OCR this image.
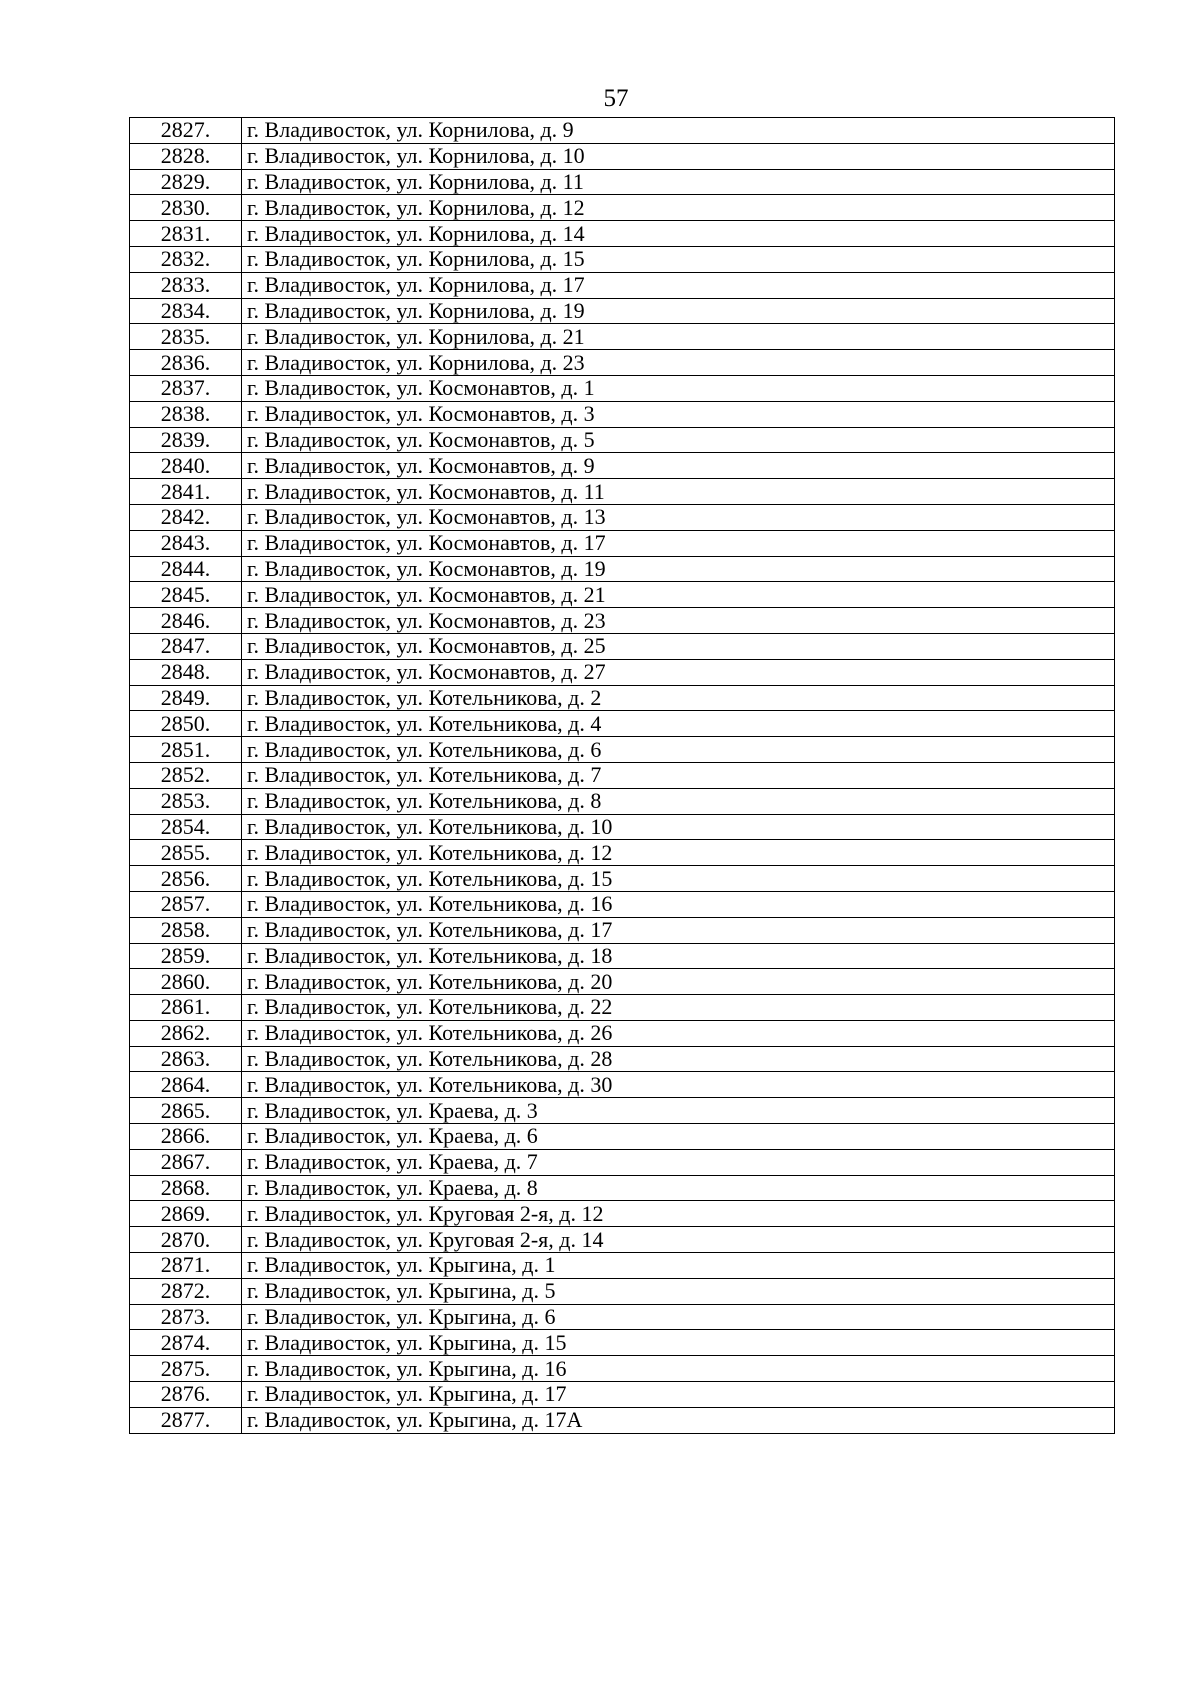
57
2827.	г. Владивосток, ул. Корнилова, д. 9
2828.	г. Владивосток, ул. Корнилова, д. 10
2829.	г. Владивосток, ул. Корнилова, д. 11
2830.	г. Владивосток, ул. Корнилова, д. 12
2831.	г. Владивосток, ул. Корнилова, д. 14
2832.	г. Владивосток, ул. Корнилова, д. 15
2833.	г. Владивосток, ул. Корнилова, д. 17
2834.	г. Владивосток, ул. Корнилова, д. 19
2835.	г. Владивосток, ул. Корнилова, д. 21
2836.	г. Владивосток, ул. Корнилова, д. 23
2837.	г. Владивосток, ул. Космонавтов, д. 1
2838.	г. Владивосток, ул. Космонавтов, д. 3
2839.	г. Владивосток, ул. Космонавтов, д. 5
2840.	г. Владивосток, ул. Космонавтов, д. 9
2841.	г. Владивосток, ул. Космонавтов, д. 11
2842.	г. Владивосток, ул. Космонавтов, д. 13
2843.	г. Владивосток, ул. Космонавтов, д. 17
2844.	г. Владивосток, ул. Космонавтов, д. 19
2845.	г. Владивосток, ул. Космонавтов, д. 21
2846.	г. Владивосток, ул. Космонавтов, д. 23
2847.	г. Владивосток, ул. Космонавтов, д. 25
2848.	г. Владивосток, ул. Космонавтов, д. 27
2849.	г. Владивосток, ул. Котельникова, д. 2
2850.	г. Владивосток, ул. Котельникова, д. 4
2851.	г. Владивосток, ул. Котельникова, д. 6
2852.	г. Владивосток, ул. Котельникова, д. 7
2853.	г. Владивосток, ул. Котельникова, д. 8
2854.	г. Владивосток, ул. Котельникова, д. 10
2855.	г. Владивосток, ул. Котельникова, д. 12
2856.	г. Владивосток, ул. Котельникова, д. 15
2857.	г. Владивосток, ул. Котельникова, д. 16
2858.	г. Владивосток, ул. Котельникова, д. 17
2859.	г. Владивосток, ул. Котельникова, д. 18
2860.	г. Владивосток, ул. Котельникова, д. 20
2861.	г. Владивосток, ул. Котельникова, д. 22
2862.	г. Владивосток, ул. Котельникова, д. 26
2863.	г. Владивосток, ул. Котельникова, д. 28
2864.	г. Владивосток, ул. Котельникова, д. 30
2865.	г. Владивосток, ул. Краева, д. 3
2866.	г. Владивосток, ул. Краева, д. 6
2867.	г. Владивосток, ул. Краева, д. 7
2868.	г. Владивосток, ул. Краева, д. 8
2869.	г. Владивосток, ул. Круговая 2-я, д. 12
2870.	г. Владивосток, ул. Круговая 2-я, д. 14
2871.	г. Владивосток, ул. Крыгина, д. 1
2872.	г. Владивосток, ул. Крыгина, д. 5
2873.	г. Владивосток, ул. Крыгина, д. 6
2874.	г. Владивосток, ул. Крыгина, д. 15
2875.	г. Владивосток, ул. Крыгина, д. 16
2876.	г. Владивосток, ул. Крыгина, д. 17
2877.	г. Владивосток, ул. Крыгина, д. 17А
